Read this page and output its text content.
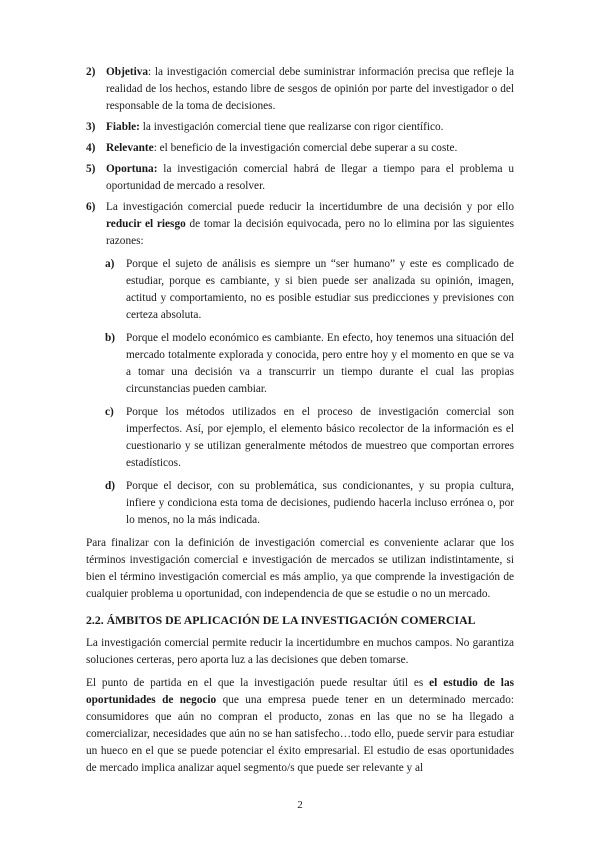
2) Objetiva: la investigación comercial debe suministrar información precisa que refleje la realidad de los hechos, estando libre de sesgos de opinión por parte del investigador o del responsable de la toma de decisiones.
3) Fiable: la investigación comercial tiene que realizarse con rigor científico.
4) Relevante: el beneficio de la investigación comercial debe superar a su coste.
5) Oportuna: la investigación comercial habrá de llegar a tiempo para el problema u oportunidad de mercado a resolver.
6) La investigación comercial puede reducir la incertidumbre de una decisión y por ello reducir el riesgo de tomar la decisión equivocada, pero no lo elimina por las siguientes razones:
a) Porque el sujeto de análisis es siempre un “ser humano” y este es complicado de estudiar, porque es cambiante, y si bien puede ser analizada su opinión, imagen, actitud y comportamiento, no es posible estudiar sus predicciones y previsiones con certeza absoluta.
b) Porque el modelo económico es cambiante. En efecto, hoy tenemos una situación del mercado totalmente explorada y conocida, pero entre hoy y el momento en que se va a tomar una decisión va a transcurrir un tiempo durante el cual las propias circunstancias pueden cambiar.
c) Porque los métodos utilizados en el proceso de investigación comercial son imperfectos. Así, por ejemplo, el elemento básico recolector de la información es el cuestionario y se utilizan generalmente métodos de muestreo que comportan errores estadísticos.
d) Porque el decisor, con su problemática, sus condicionantes, y su propia cultura, infiere y condiciona esta toma de decisiones, pudiendo hacerla incluso errónea o, por lo menos, no la más indicada.
Para finalizar con la definición de investigación comercial es conveniente aclarar que los términos investigación comercial e investigación de mercados se utilizan indistintamente, si bien el término investigación comercial es más amplio, ya que comprende la investigación de cualquier problema u oportunidad, con independencia de que se estudie o no un mercado.
2.2. ÁMBITOS DE APLICACIÓN DE LA INVESTIGACIÓN COMERCIAL
La investigación comercial permite reducir la incertidumbre en muchos campos. No garantiza soluciones certeras, pero aporta luz a las decisiones que deben tomarse.
El punto de partida en el que la investigación puede resultar útil es el estudio de las oportunidades de negocio que una empresa puede tener en un determinado mercado: consumidores que aún no compran el producto, zonas en las que no se ha llegado a comercializar, necesidades que aún no se han satisfecho…todo ello, puede servir para estudiar un hueco en el que se puede potenciar el éxito empresarial. El estudio de esas oportunidades de mercado implica analizar aquel segmento/s que puede ser relevante y al
2
